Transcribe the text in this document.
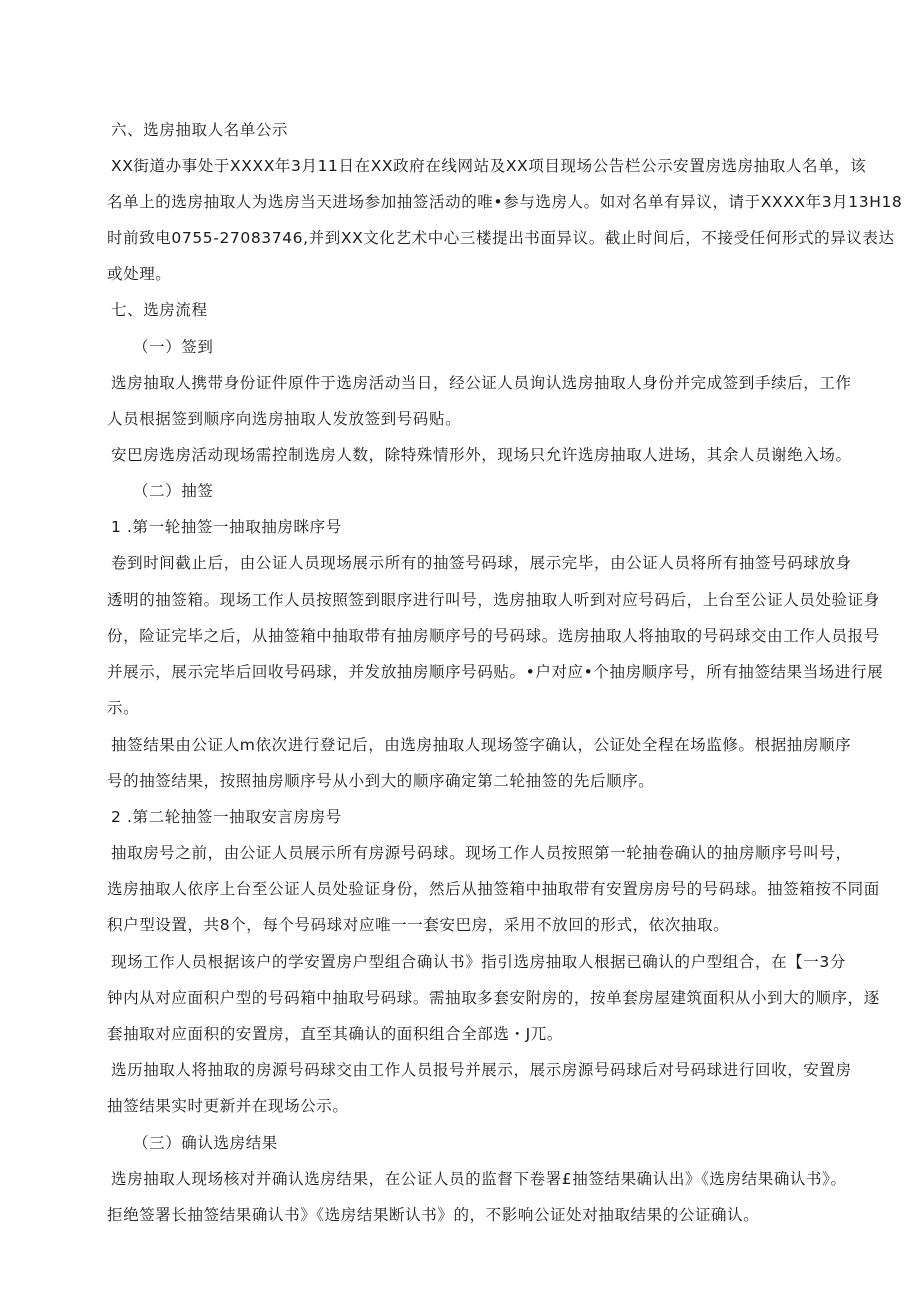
六、选房抽取人名单公示
XX街道办事处于XXXX年3月11日在XX政府在线网站及XX项目现场公告栏公示安置房选房抽取人名单，该
名单上的选房抽取人为选房当天进场参加抽签活动的唯•参与选房人。如对名单有异议，请于XXXX年3月13H18
时前致电0755-27083746,并到XX文化艺术中心三楼提出书面异议。截止时间后，不接受任何形式的异议表达
或处理。
七、选房流程
（一）签到
选房抽取人携带身份证件原件于选房活动当日，经公证人员询认选房抽取人身份并完成签到手续后，工作
人员根据签到顺序向选房抽取人发放签到号码贴。
安巴房选房活动现场需控制选房人数，除特殊情形外，现场只允许选房抽取人进场，其余人员谢绝入场。
（二）抽签
1 .第一轮抽签一抽取抽房眯序号
卷到时间截止后，由公证人员现场展示所有的抽签号码球，展示完毕，由公证人员将所有抽签号码球放身
透明的抽签箱。现场工作人员按照签到眼序进行叫号，选房抽取人听到对应号码后，上台至公证人员处验证身
份，险证完毕之后，从抽签箱中抽取带有抽房顺序号的号码球。选房抽取人将抽取的号码球交由工作人员报号
并展示，展示完毕后回收号码球，并发放抽房顺序号码贴。•户对应•个抽房顺序号，所有抽签结果当场进行展
示。
抽签结果由公证人m依次进行登记后，由选房抽取人现场签字确认，公证处全程在场监修。根据抽房顺序
号的抽签结果，按照抽房顺序号从小到大的顺序确定第二轮抽签的先后顺序。
2 .第二轮抽签一抽取安言房房号
抽取房号之前，由公证人员展示所有房源号码球。现场工作人员按照第一轮抽卷确认的抽房顺序号叫号，
选房抽取人依序上台至公证人员处验证身份，然后从抽签箱中抽取带有安置房房号的号码球。抽签箱按不同面
积户型设置，共8个，每个号码球对应唯一一套安巴房，采用不放回的形式，依次抽取。
现场工作人员根据该户的学安置房户型组合确认书》指引选房抽取人根据已确认的户型组合，在【一3分
钟内从对应面积户型的号码箱中抽取号码球。需抽取多套安附房的，按单套房屋建筑面积从小到大的顺序，逐
套抽取对应面积的安置房，直至其确认的面积组合全部选・J兀。
选历抽取人将抽取的房源号码球交由工作人员报号并展示，展示房源号码球后对号码球进行回收，安置房
抽签结果实时更新并在现场公示。
（三）确认选房结果
选房抽取人现场核对并确认选房结果，在公证人员的监督下卷署£抽签结果确认出》《选房结果确认书》。
拒绝签署长抽签结果确认书》《选房结果断认书》的，不影响公证处对抽取结果的公证确认。
